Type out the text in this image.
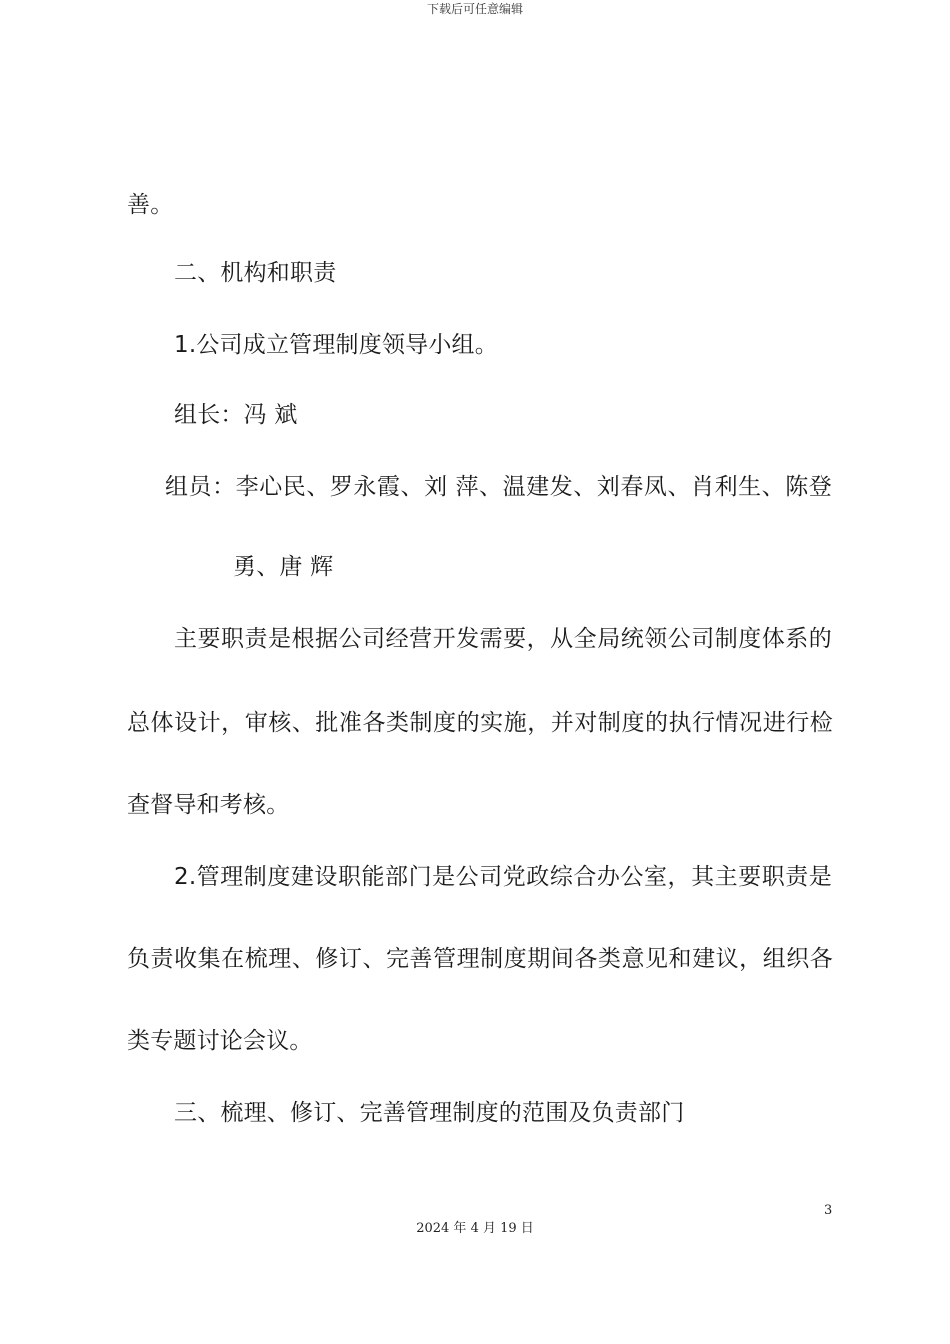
下载后可任意编辑
善。
二、机构和职责
1.公司成立管理制度领导小组。
组长：冯 斌
组员：李心民、罗永霞、刘 萍、温建发、刘春凤、肖利生、陈登
勇、唐 辉
主要职责是根据公司经营开发需要，从全局统领公司制度体系的
总体设计，审核、批准各类制度的实施，并对制度的执行情况进行检
查督导和考核。
2.管理制度建设职能部门是公司党政综合办公室，其主要职责是
负责收集在梳理、修订、完善管理制度期间各类意见和建议，组织各
类专题讨论会议。
三、梳理、修订、完善管理制度的范围及负责部门
3
2024 年 4 月 19 日
